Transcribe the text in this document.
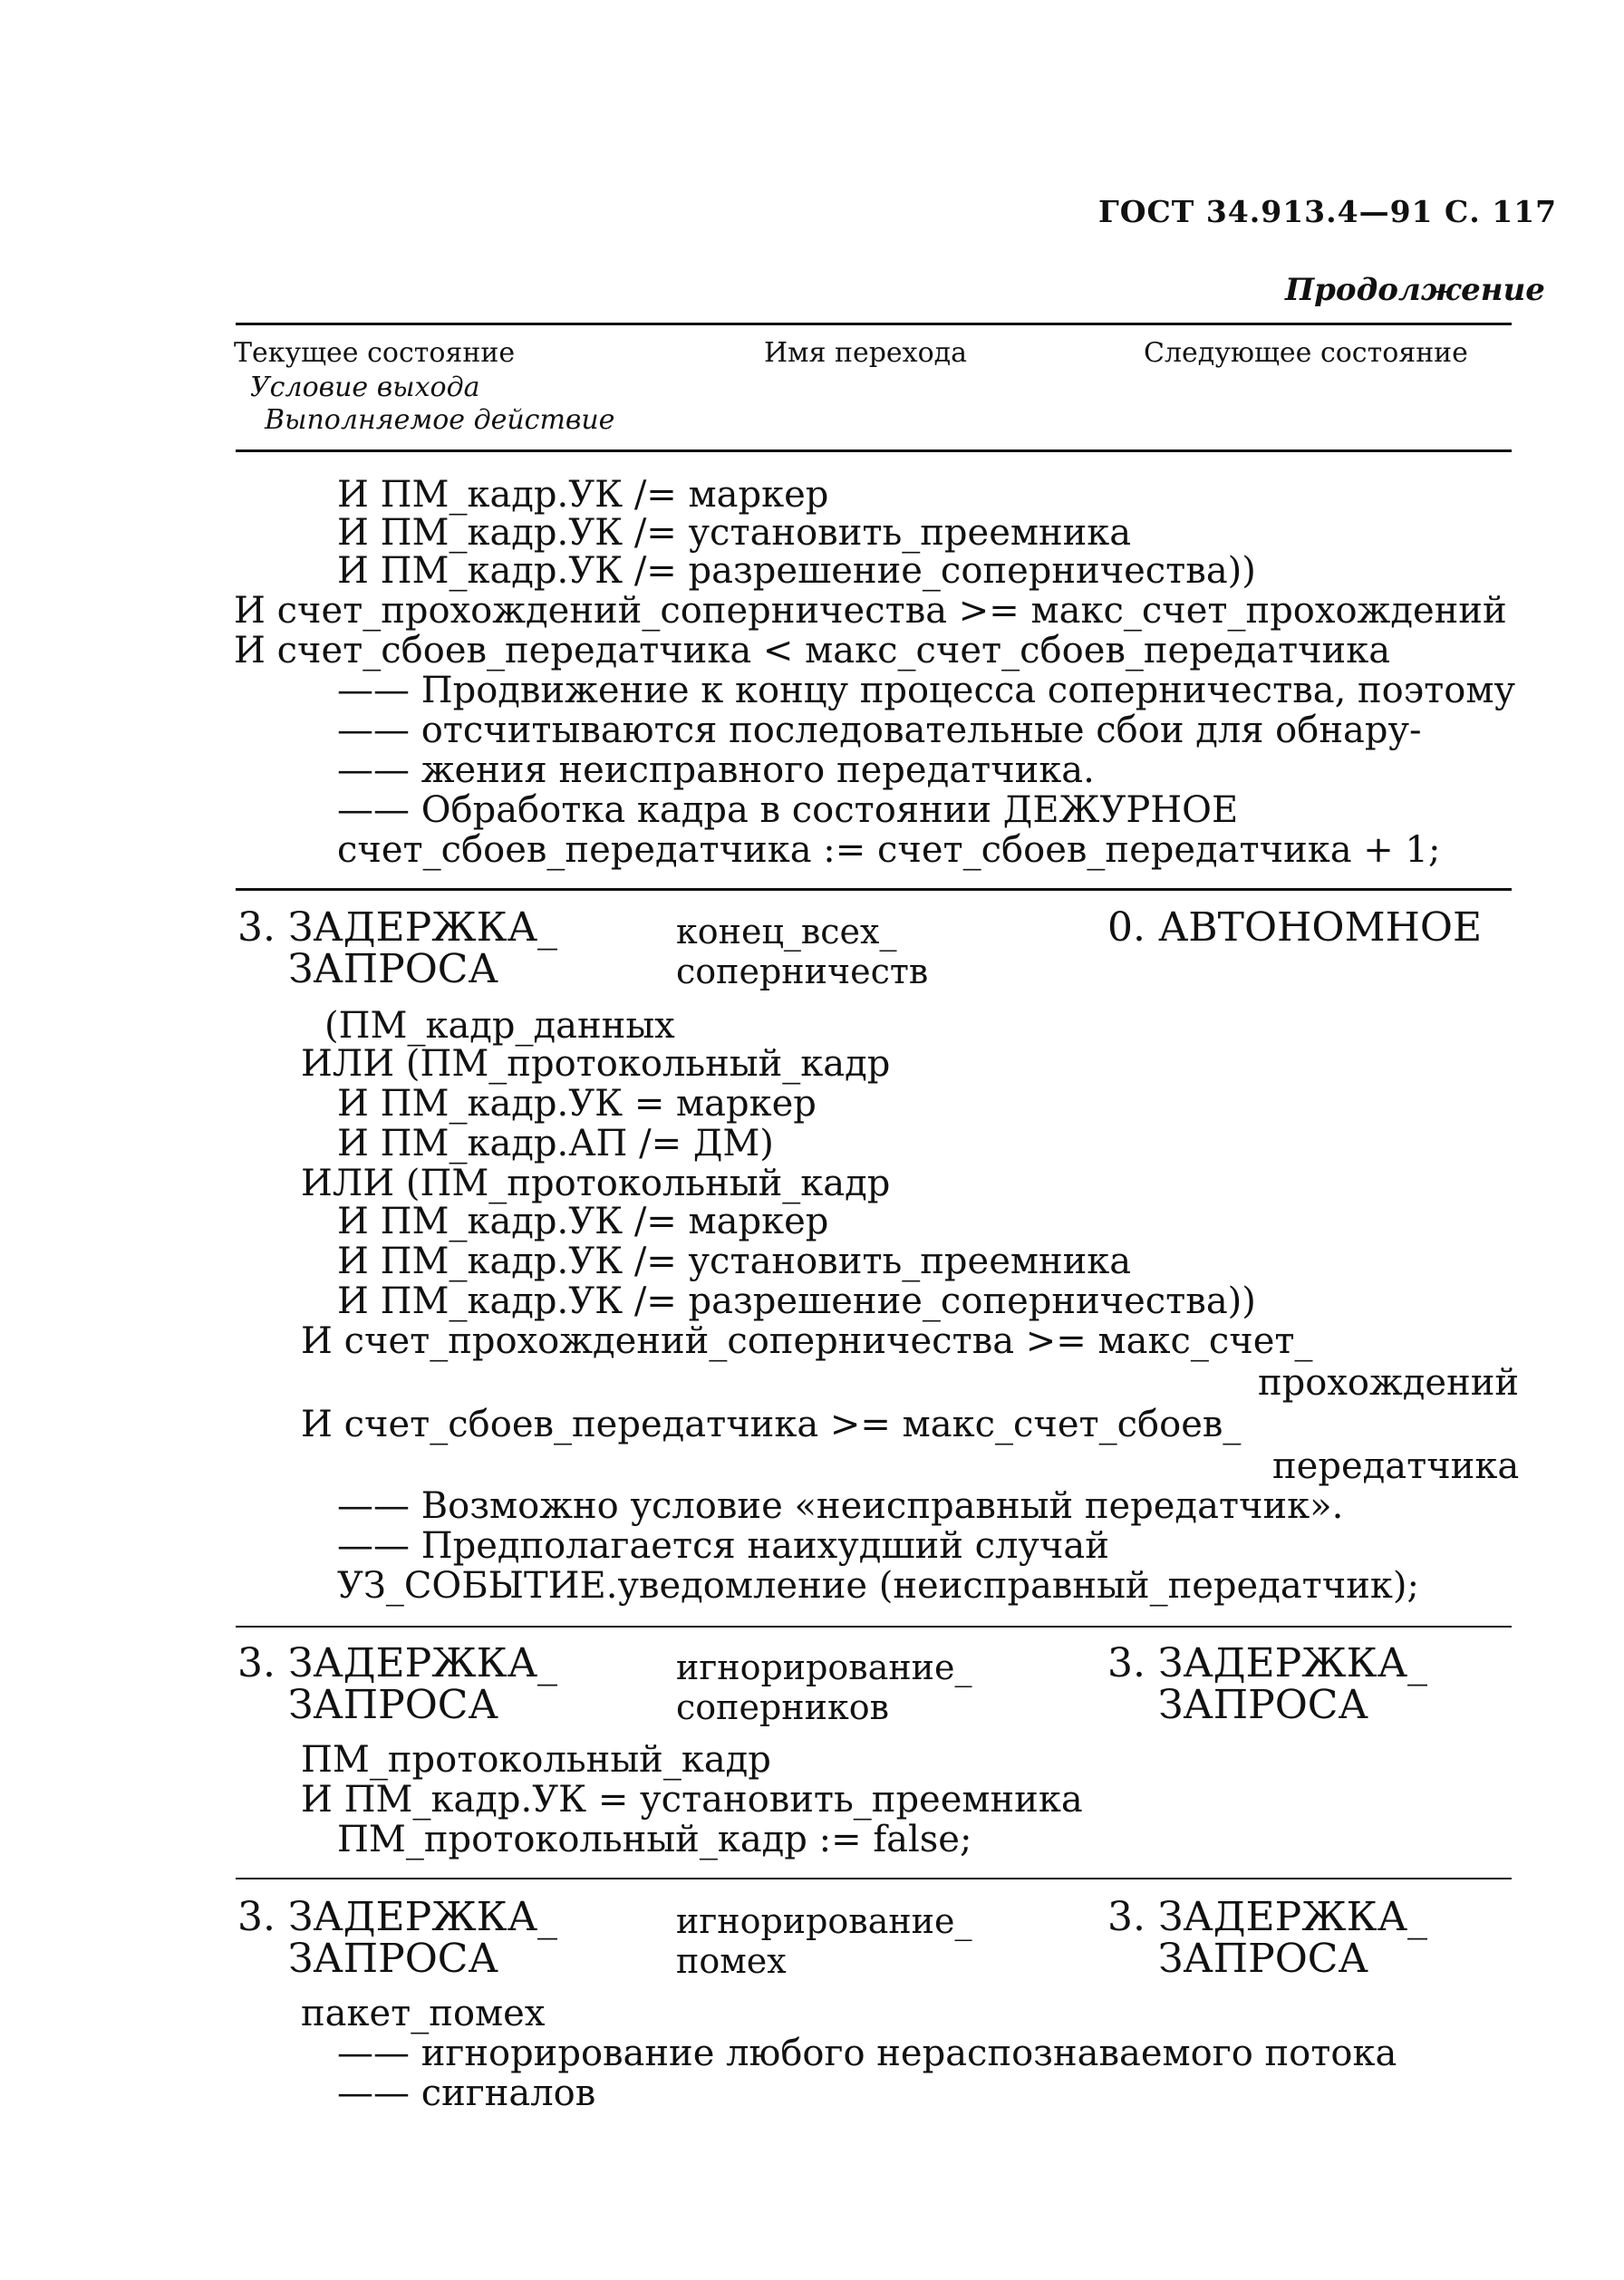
ГОСТ 34.913.4—91 С. 117
Продолжение
Текущее состояние
Условие выхода
Выполняемое действие
Имя перехода	Следующее состояние
И ПМ_кадр.УК /= маркер
И ПМ_кадр.УК /= установить_преемника
И ПМ_кадр.УК /= разрешение_соперничества))
И счет_прохождений_соперничества >= макс_счет_прохождений
И счет_сбоев_передатчика < макс_счет_сбоев_передатчика
—— Продвижение к концу процесса соперничества, поэтому
—— отсчитываются последовательные сбои для обнару-
—— жения неисправного передатчика.
—— Обработка кадра в состоянии ДЕЖУРНОЕ
счет_сбоев_передатчика := счет_сбоев_передатчика + 1;
3. ЗАДЕРЖКА_
ЗАПРОСА
конец_всех_
соперничеств
0. АВТОНОМНОЕ
(ПМ_кадр_данных
ИЛИ (ПМ_протокольный_кадр
И ПМ_кадр.УК = маркер
И ПМ_кадр.АП /= ДМ)
ИЛИ (ПМ_протокольный_кадр
И ПМ_кадр.УК /= маркер
И ПМ_кадр.УК /= установить_преемника
И ПМ_кадр.УК /= разрешение_соперничества))
И счет_прохождений_соперничества >= макс_счет_
прохождений
И счет_сбоев_передатчика >= макс_счет_сбоев_
передатчика
—— Возможно условие «неисправный передатчик».
—— Предполагается наихудший случай
УЗ_СОБЫТИЕ.уведомление (неисправный_передатчик);
3. ЗАДЕРЖКА_
ЗАПРОСА
игнорирование_
соперников
3. ЗАДЕРЖКА_
ЗАПРОСА
ПМ_протокольный_кадр
И ПМ_кадр.УК = установить_преемника
ПМ_протокольный_кадр := false;
3. ЗАДЕРЖКА_
ЗАПРОСА
игнорирование_
помех
3. ЗАДЕРЖКА_
ЗАПРОСА
пакет_помех
—— игнорирование любого нераспознаваемого потока
—— сигналов
